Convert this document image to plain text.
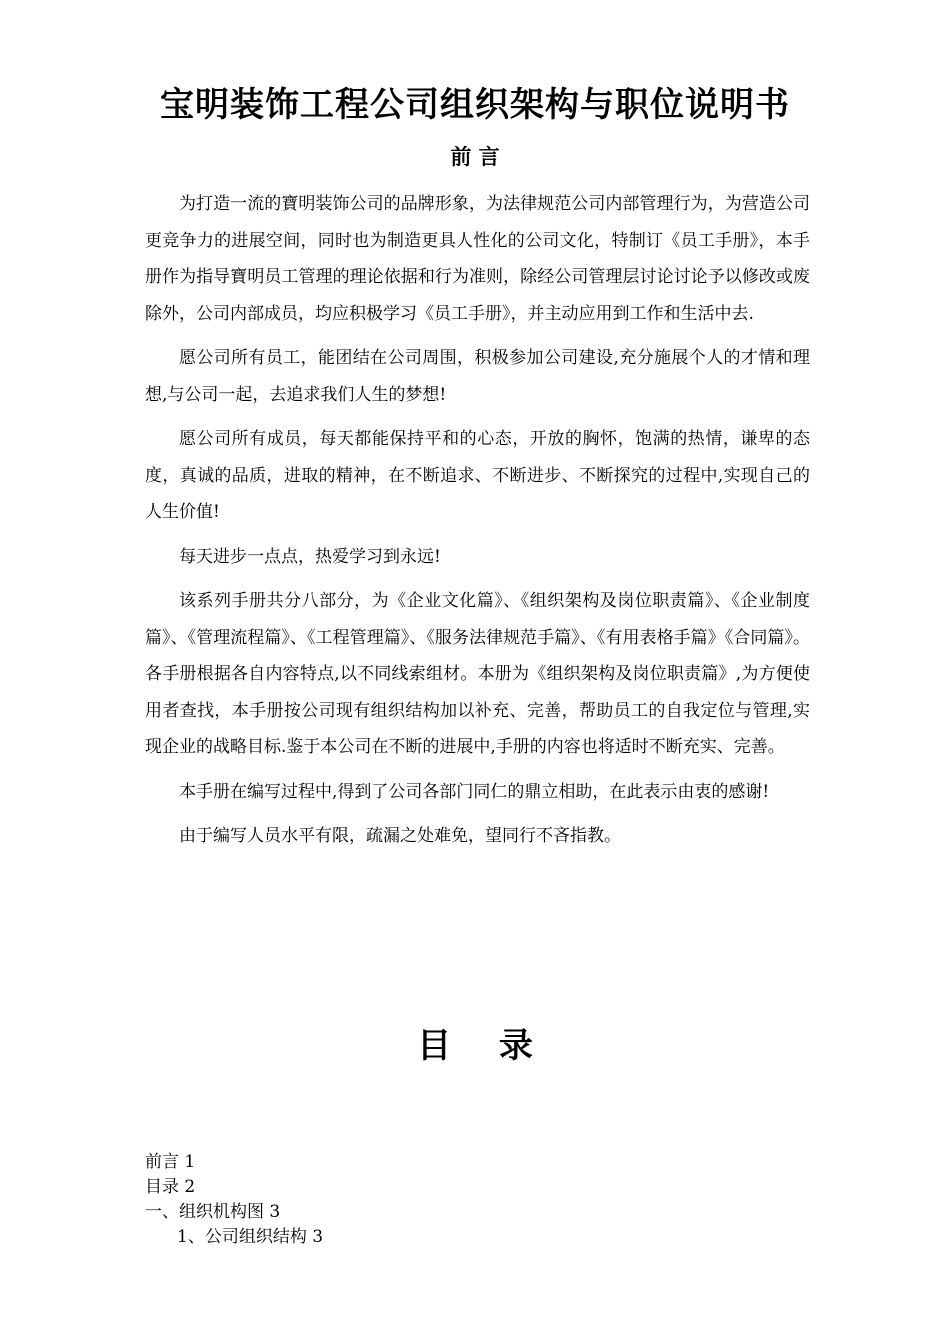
宝明装饰工程公司组织架构与职位说明书
前 言

为打造一流的寶明装饰公司的品牌形象，为法律规范公司内部管理行为，为营造公司更竞争力的进展空间，同时也为制造更具人性化的公司文化，特制订《员工手册》，本手册作为指导寶明员工管理的理论依据和行为准则，除经公司管理层讨论讨论予以修改或废除外，公司内部成员，均应积极学习《员工手册》，并主动应用到工作和生活中去.

愿公司所有员工，能团结在公司周围，积极参加公司建设,充分施展个人的才情和理想,与公司一起，去追求我们人生的梦想!

愿公司所有成员，每天都能保持平和的心态，开放的胸怀，饱满的热情，谦卑的态度，真诚的品质，进取的精神，在不断追求、不断进步、不断探究的过程中,实现自己的人生价值!

每天进步一点点，热爱学习到永远!

该系列手册共分八部分，为《企业文化篇》、《组织架构及岗位职责篇》、《企业制度篇》、《管理流程篇》、《工程管理篇》、《服务法律规范手篇》、《有用表格手篇》《合同篇》。各手册根据各自内容特点,以不同线索组材。本册为《组织架构及岗位职责篇》,为方便使用者查找，本手册按公司现有组织结构加以补充、完善，帮助员工的自我定位与管理,实现企业的战略目标.鉴于本公司在不断的进展中,手册的内容也将适时不断充实、完善。

本手册在编写过程中,得到了公司各部门同仁的鼎立相助，在此表示由衷的感谢!

由于编写人员水平有限，疏漏之处难免，望同行不吝指教。

目 录
前言 1
目录 2
一、组织机构图 3
1、公司组织结构 3
